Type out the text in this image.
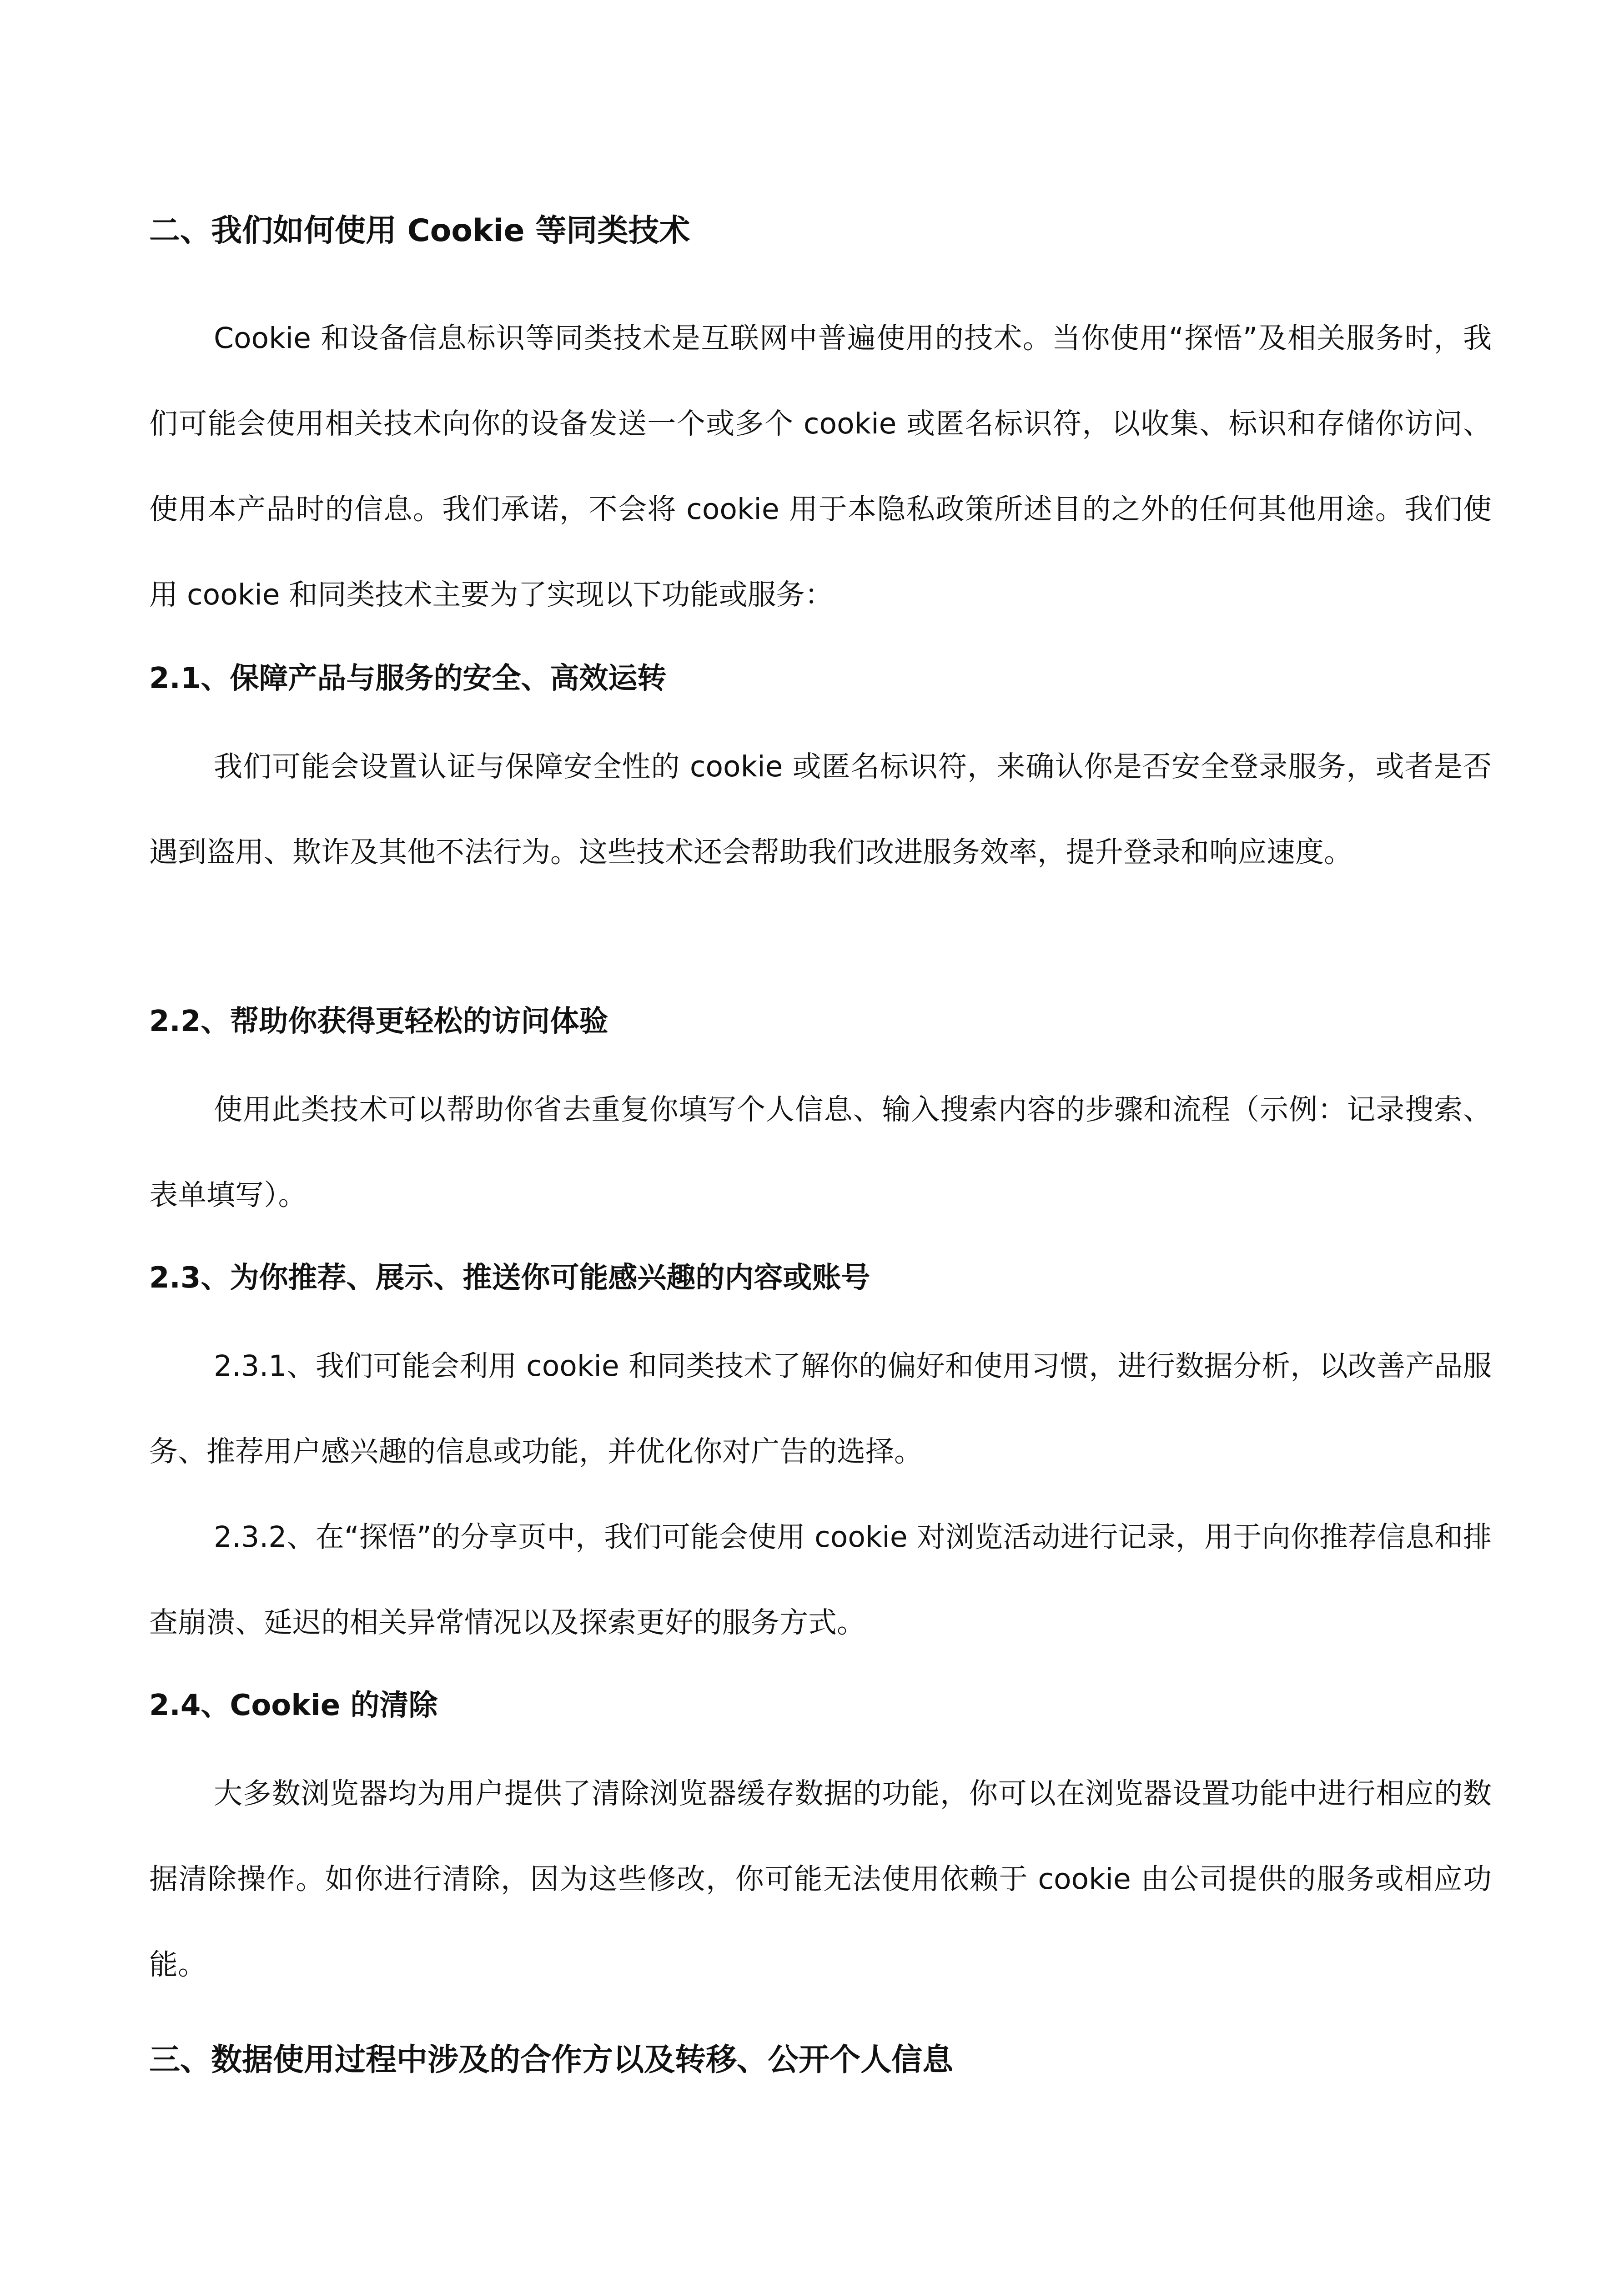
二、我们如何使用 Cookie 等同类技术

Cookie 和设备信息标识等同类技术是互联网中普遍使用的技术。当你使用“探悟”及相关服务时，我们可能会使用相关技术向你的设备发送一个或多个 cookie 或匿名标识符，以收集、标识和存储你访问、使用本产品时的信息。我们承诺，不会将 cookie 用于本隐私政策所述目的之外的任何其他用途。我们使用 cookie 和同类技术主要为了实现以下功能或服务：

2.1、保障产品与服务的安全、高效运转

我们可能会设置认证与保障安全性的 cookie 或匿名标识符，来确认你是否安全登录服务，或者是否遇到盗用、欺诈及其他不法行为。这些技术还会帮助我们改进服务效率，提升登录和响应速度。

2.2、帮助你获得更轻松的访问体验

使用此类技术可以帮助你省去重复你填写个人信息、输入搜索内容的步骤和流程（示例：记录搜索、表单填写）。

2.3、为你推荐、展示、推送你可能感兴趣的内容或账号

2.3.1、我们可能会利用 cookie 和同类技术了解你的偏好和使用习惯，进行数据分析，以改善产品服务、推荐用户感兴趣的信息或功能，并优化你对广告的选择。

2.3.2、在“探悟”的分享页中，我们可能会使用 cookie 对浏览活动进行记录，用于向你推荐信息和排查崩溃、延迟的相关异常情况以及探索更好的服务方式。

2.4、Cookie 的清除

大多数浏览器均为用户提供了清除浏览器缓存数据的功能，你可以在浏览器设置功能中进行相应的数据清除操作。如你进行清除，因为这些修改，你可能无法使用依赖于 cookie 由公司提供的服务或相应功能。

三、数据使用过程中涉及的合作方以及转移、公开个人信息
